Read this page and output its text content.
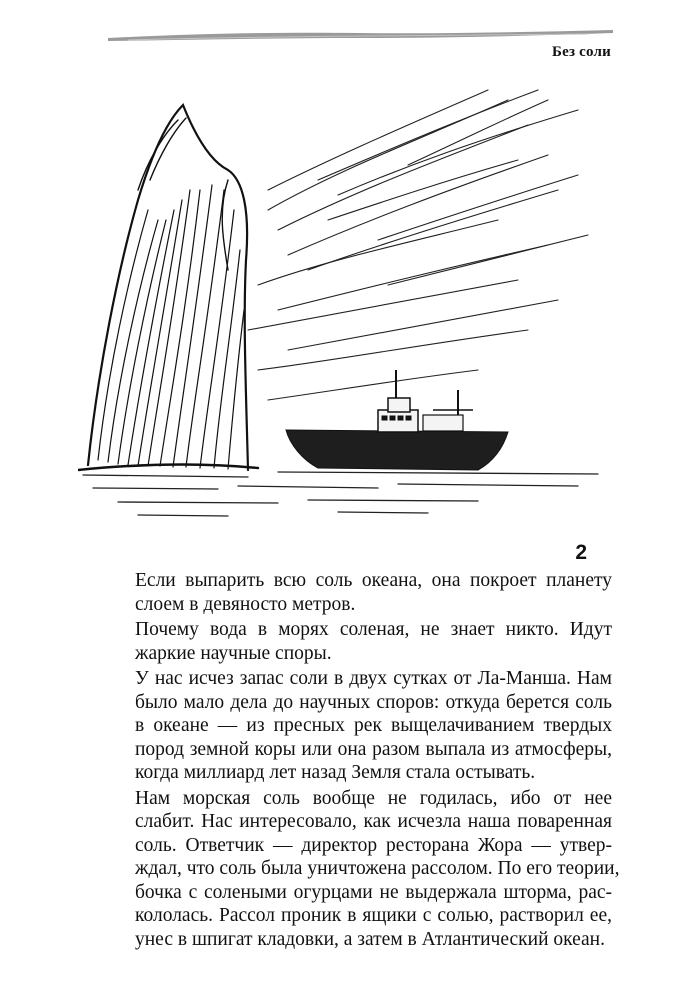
Без соли
2

Если выпарить всю соль океана, она покроет планету
слоем в девяносто метров.

Почему вода в морях соленая, не знает никто. Идут
жаркие научные споры.

У нас исчез запас соли в двух сутках от Ла-Манша. Нам
было мало дела до научных споров: откуда берется соль
в океане — из пресных рек выщелачиванием твердых
пород земной коры или она разом выпала из атмосферы,
когда миллиард лет назад Земля стала остывать.

Нам морская соль вообще не годилась, ибо от нее
слабит. Нас интересовало, как исчезла наша поваренная
соль. Ответчик — директор ресторана Жора — утвер-
ждал, что соль была уничтожена рассолом. По его теории,
бочка с солеными огурцами не выдержала шторма, рас-
кололась. Рассол проник в ящики с солью, растворил ее,
унес в шпигат кладовки, а затем в Атлантический океан.
